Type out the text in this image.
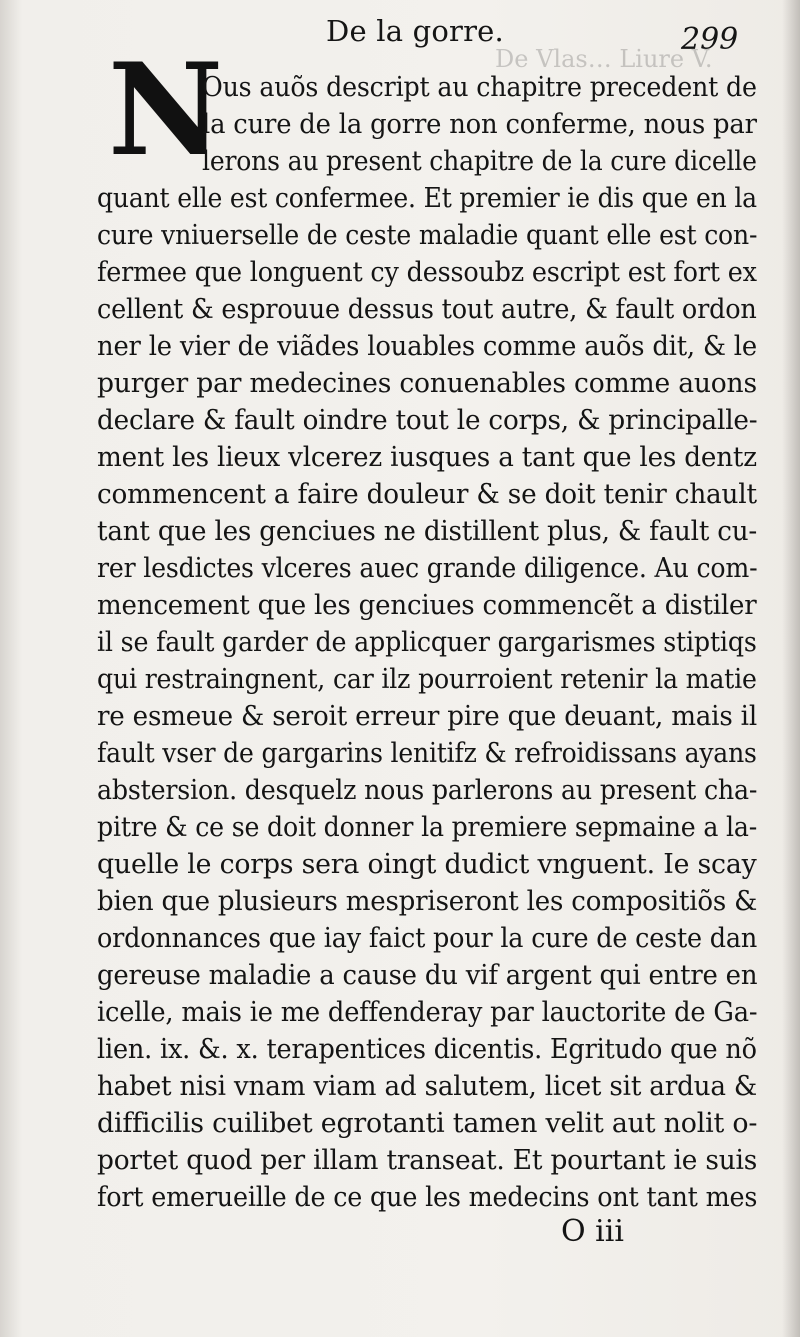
De la gorre.	299
De Vlas… Liure V.
N
Ous auõs descript au chapitre precedent de
la cure de la gorre non conferme, nous par
lerons au present chapitre de la cure dicelle
quant elle est confermee. Et premier ie dis que en la
cure vniuerselle de ceste maladie quant elle est con-
fermee que longuent cy dessoubz escript est fort ex
cellent & esprouue dessus tout autre, & fault ordon
ner le vier de viãdes louables comme auõs dit, & le
purger par medecines conuenables comme auons
declare & fault oindre tout le corps, & principalle-
ment les lieux vlcerez iusques a tant que les dentz
commencent a faire douleur & se doit tenir chault
tant que les genciues ne distillent plus, & fault cu-
rer lesdictes vlceres auec grande diligence. Au com-
mencement que les genciues commencẽt a distiler
il se fault garder de applicquer gargarismes stiptiqs
qui restraingnent, car ilz pourroient retenir la matie
re esmeue & seroit erreur pire que deuant, mais il
fault vser de gargarins lenitifz & refroidissans ayans
abstersion. desquelz nous parlerons au present cha-
pitre & ce se doit donner la premiere sepmaine a la-
quelle le corps sera oingt dudict vnguent. Ie scay
bien que plusieurs mespriseront les compositiõs &
ordonnances que iay faict pour la cure de ceste dan
gereuse maladie a cause du vif argent qui entre en
icelle, mais ie me deffenderay par lauctorite de Ga-
lien. ix. &. x. terapentices dicentis. Egritudo que nõ
habet nisi vnam viam ad salutem, licet sit ardua &
difficilis cuilibet egrotanti tamen velit aut nolit o-
portet quod per illam transeat. Et pourtant ie suis
fort emerueille de ce que les medecins ont tant mes
O iii
